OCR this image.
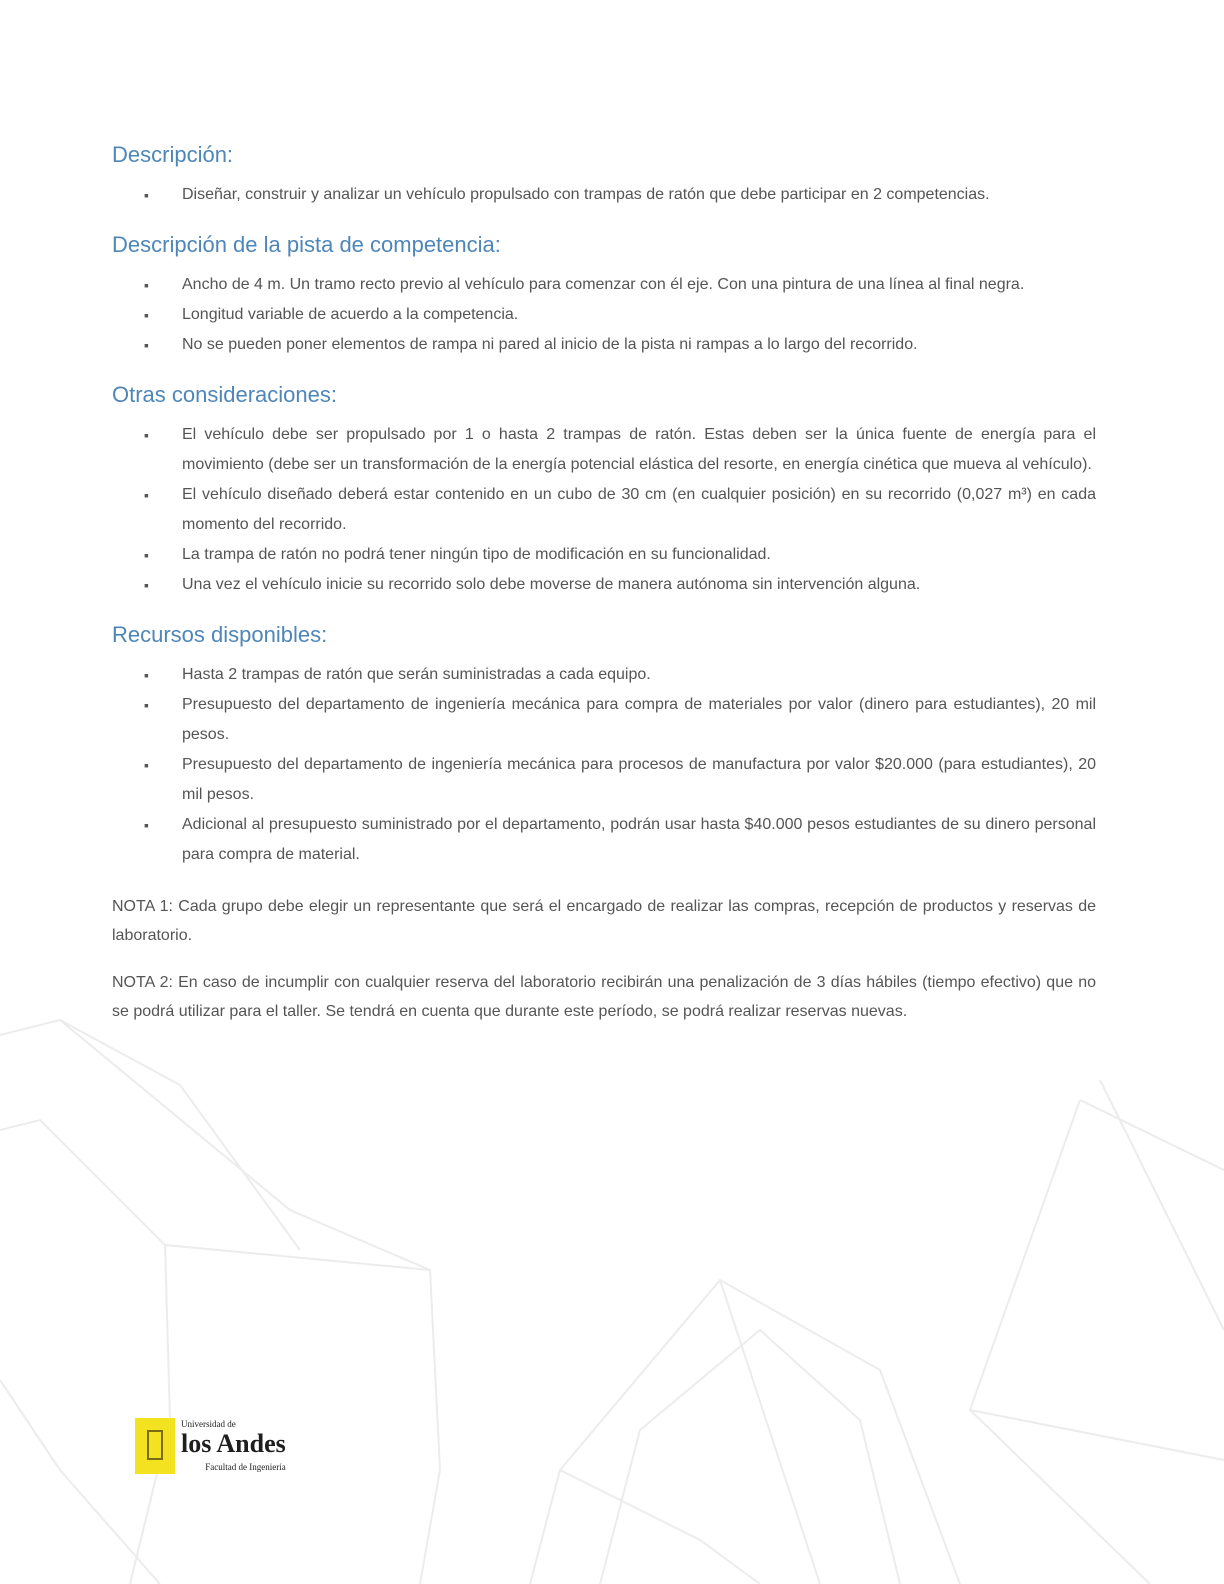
Descripción:
▪ Diseñar, construir y analizar un vehículo propulsado con trampas de ratón que debe participar en 2 competencias.
Descripción de la pista de competencia:
▪ Ancho de 4 m. Un tramo recto previo al vehículo para comenzar con él eje. Con una pintura de una línea al final negra.
▪ Longitud variable de acuerdo a la competencia.
▪ No se pueden poner elementos de rampa ni pared al inicio de la pista ni rampas a lo largo del recorrido.
Otras consideraciones:
▪ El vehículo debe ser propulsado por 1 o hasta 2 trampas de ratón. Estas deben ser la única fuente de energía para el movimiento (debe ser un transformación de la energía potencial elástica del resorte, en energía cinética que mueva al vehículo).
▪ El vehículo diseñado deberá estar contenido en un cubo de 30 cm (en cualquier posición) en su recorrido (0,027 m³) en cada momento del recorrido.
▪ La trampa de ratón no podrá tener ningún tipo de modificación en su funcionalidad.
▪ Una vez el vehículo inicie su recorrido solo debe moverse de manera autónoma sin intervención alguna.
Recursos disponibles:
▪ Hasta 2 trampas de ratón que serán suministradas a cada equipo.
▪ Presupuesto del departamento de ingeniería mecánica para compra de materiales por valor (dinero para estudiantes), 20 mil pesos.
▪ Presupuesto del departamento de ingeniería mecánica para procesos de manufactura por valor $20.000 (para estudiantes), 20 mil pesos.
▪ Adicional al presupuesto suministrado por el departamento, podrán usar hasta $40.000 pesos estudiantes de su dinero personal para compra de material.

NOTA 1: Cada grupo debe elegir un representante que será el encargado de realizar las compras, recepción de productos y reservas de laboratorio.

NOTA 2: En caso de incumplir con cualquier reserva del laboratorio recibirán una penalización de 3 días hábiles (tiempo efectivo) que no se podrá utilizar para el taller. Se tendrá en cuenta que durante este período, se podrá realizar reservas nuevas.

Universidad de
los Andes
Facultad de Ingeniería
